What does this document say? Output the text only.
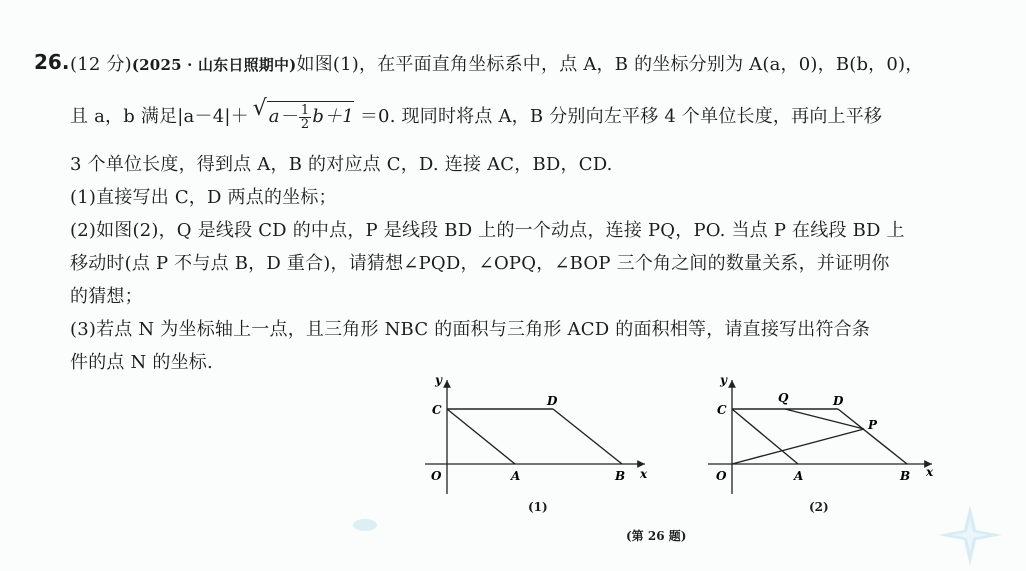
26. (12 分)(2025 · 山东日照期中)如图(1)，在平面直角坐标系中，点 A，B 的坐标分别为 A(a，0)，B(b，0)，
且 a，b 满足|a－4|＋ √ $a- \frac{1}{2} b+1 =0$. 现同时将点 A，B 分别向左平移 4 个单位长度，再向上平移
3 个单位长度，得到点 A，B 的对应点 C，D. 连接 AC，BD，CD.
(1)直接写出 C，D 两点的坐标；
(2)如图(2)，Q 是线段 CD 的中点，P 是线段 BD 上的一个动点，连接 PQ，PO. 当点 P 在线段 BD 上
移动时(点 P 不与点 B，D 重合)，请猜想∠PQD，∠OPQ，∠BOP 三个角之间的数量关系，并证明你
的猜想；
(3)若点 N 为坐标轴上一点，且三角形 NBC 的面积与三角形 ACD 的面积相等，请直接写出符合条
件的点 N 的坐标.
y
x
O	A	B
C
D
(1)
y
x
O	A	B
C
D
Q
P
(2)
(第 26 题)
